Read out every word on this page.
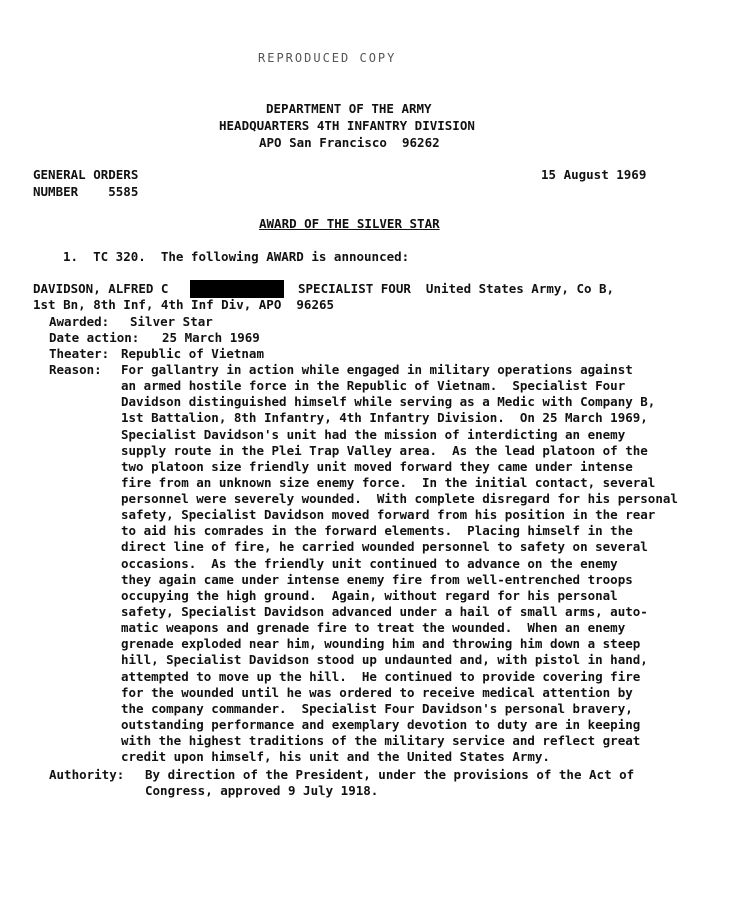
REPRODUCED COPY
DEPARTMENT OF THE ARMY
HEADQUARTERS 4TH INFANTRY DIVISION
APO San Francisco  96262
GENERAL ORDERS
NUMBER    5585
15 August 1969
AWARD OF THE SILVER STAR
1.  TC 320.  The following AWARD is announced:
DAVIDSON, ALFRED C	SPECIALIST FOUR  United States Army, Co B,
1st Bn, 8th Inf, 4th Inf Div, APO  96265
Awarded: Silver Star
Date action: 25 March 1969
Theater: Republic of Vietnam
Reason: For gallantry in action while engaged in military operations against
an armed hostile force in the Republic of Vietnam.  Specialist Four
Davidson distinguished himself while serving as a Medic with Company B,
1st Battalion, 8th Infantry, 4th Infantry Division.  On 25 March 1969,
Specialist Davidson's unit had the mission of interdicting an enemy
supply route in the Plei Trap Valley area.  As the lead platoon of the
two platoon size friendly unit moved forward they came under intense
fire from an unknown size enemy force.  In the initial contact, several
personnel were severely wounded.  With complete disregard for his personal
safety, Specialist Davidson moved forward from his position in the rear
to aid his comrades in the forward elements.  Placing himself in the
direct line of fire, he carried wounded personnel to safety on several
occasions.  As the friendly unit continued to advance on the enemy
they again came under intense enemy fire from well-entrenched troops
occupying the high ground.  Again, without regard for his personal
safety, Specialist Davidson advanced under a hail of small arms, auto-
matic weapons and grenade fire to treat the wounded.  When an enemy
grenade exploded near him, wounding him and throwing him down a steep
hill, Specialist Davidson stood up undaunted and, with pistol in hand,
attempted to move up the hill.  He continued to provide covering fire
for the wounded until he was ordered to receive medical attention by
the company commander.  Specialist Four Davidson's personal bravery,
outstanding performance and exemplary devotion to duty are in keeping
with the highest traditions of the military service and reflect great
credit upon himself, his unit and the United States Army.
Authority: By direction of the President, under the provisions of the Act of
Congress, approved 9 July 1918.
